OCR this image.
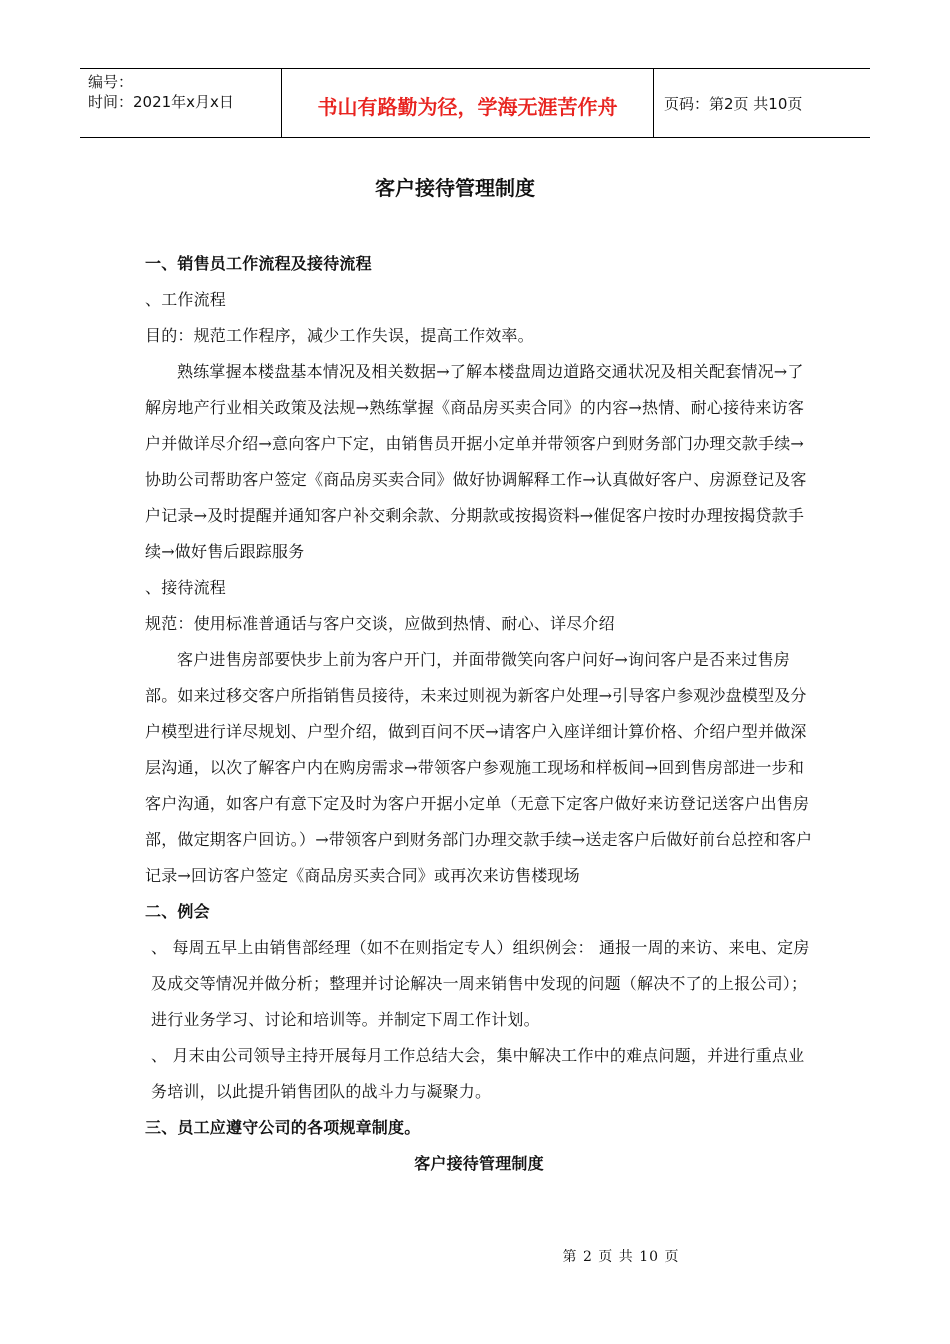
编号：
时间：2021年x月x日	书山有路勤为径，学海无涯苦作舟	页码：第2页 共10页
客户接待管理制度

一、销售员工作流程及接待流程

、工作流程

目的：规范工作程序，减少工作失误，提高工作效率。

熟练掌握本楼盘基本情况及相关数据→了解本楼盘周边道路交通状况及相关配套情况→了解房地产行业相关政策及法规→熟练掌握《商品房买卖合同》的内容→热情、耐心接待来访客户并做详尽介绍→意向客户下定，由销售员开据小定单并带领客户到财务部门办理交款手续→协助公司帮助客户签定《商品房买卖合同》做好协调解释工作→认真做好客户、房源登记及客户记录→及时提醒并通知客户补交剩余款、分期款或按揭资料→催促客户按时办理按揭贷款手续→做好售后跟踪服务

、接待流程

规范：使用标准普通话与客户交谈，应做到热情、耐心、详尽介绍

客户进售房部要快步上前为客户开门，并面带微笑向客户问好→询问客户是否来过售房部。如来过移交客户所指销售员接待，未来过则视为新客户处理→引导客户参观沙盘模型及分户模型进行详尽规划、户型介绍，做到百问不厌→请客户入座详细计算价格、介绍户型并做深层沟通，以次了解客户内在购房需求→带领客户参观施工现场和样板间→回到售房部进一步和客户沟通，如客户有意下定及时为客户开据小定单（无意下定客户做好来访登记送客户出售房部，做定期客户回访。）→带领客户到财务部门办理交款手续→送走客户后做好前台总控和客户记录→回访客户签定《商品房买卖合同》或再次来访售楼现场

二、例会

、 每周五早上由销售部经理（如不在则指定专人）组织例会： 通报一周的来访、来电、定房及成交等情况并做分析；整理并讨论解决一周来销售中发现的问题（解决不了的上报公司）；进行业务学习、讨论和培训等。并制定下周工作计划。

、 月末由公司领导主持开展每月工作总结大会，集中解决工作中的难点问题，并进行重点业务培训，以此提升销售团队的战斗力与凝聚力。

三、员工应遵守公司的各项规章制度。

客户接待管理制度

第 2 页 共 10 页
